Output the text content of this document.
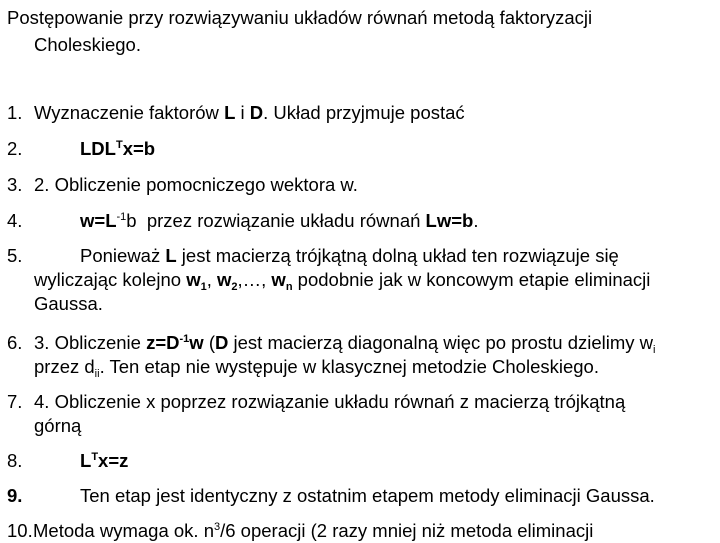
Postępowanie przy rozwiązywaniu układów równań metodą faktoryzacji
Choleskiego.
1. Wyznaczenie faktorów L i D. Układ przyjmuje postać
2.	$LDL^Tx=b$
3. 2. Obliczenie pomocniczego wektora w.
4.	$w=L^{-1}b$  przez rozwiązanie układu równań Lw=b.
5.	Ponieważ L jest macierzą trójkątną dolną układ ten rozwiązuje się
wyliczając kolejno $w_1$, $w_2,\dots$, $w_n$ podobnie jak w koncowym etapie eliminacji
Gaussa.
6. 3. Obliczenie $z=D^{-1}w$ (D jest macierzą diagonalną więc po prostu dzielimy $w_i$
przez $d_{ii}$. Ten etap nie występuje w klasycznej metodzie Choleskiego.
7. 4. Obliczenie x poprzez rozwiązanie układu równań z macierzą trójkątną
górną
8.	$L^Tx=z$
9.	Ten etap jest identyczny z ostatnim etapem metody eliminacji Gaussa.
10. Metoda wymaga ok. $n^3/6$ operacji (2 razy mniej niż metoda eliminacji
